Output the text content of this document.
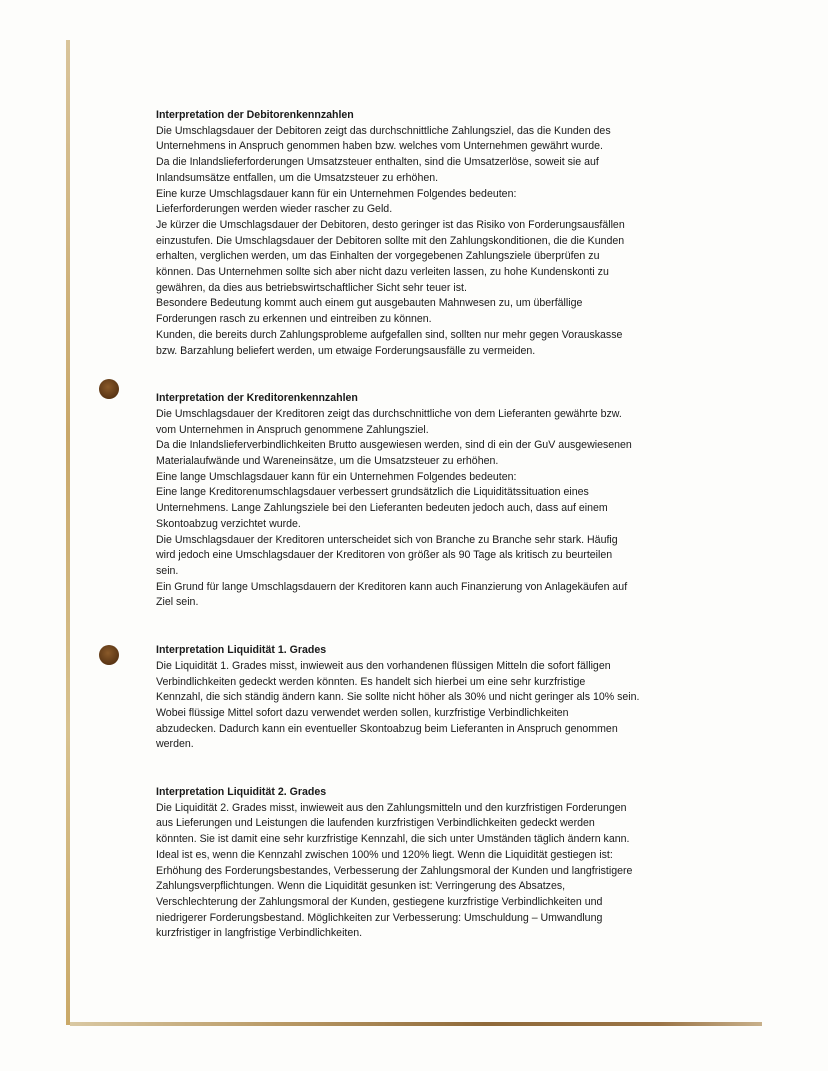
Interpretation der Debitorenkennzahlen

Die Umschlagsdauer der Debitoren zeigt das durchschnittliche Zahlungsziel, das die Kunden des

Unternehmens in Anspruch genommen haben bzw. welches vom Unternehmen gewährt wurde.

Da die Inlandslieferforderungen Umsatzsteuer enthalten, sind die Umsatzerlöse, soweit sie auf

Inlandsumsätze entfallen, um die Umsatzsteuer zu erhöhen.

Eine kurze Umschlagsdauer kann für ein Unternehmen Folgendes bedeuten:

Lieferforderungen werden wieder rascher zu Geld.

Je kürzer die Umschlagsdauer der Debitoren, desto geringer ist das Risiko von Forderungsausfällen

einzustufen. Die Umschlagsdauer der Debitoren sollte mit den Zahlungskonditionen, die die Kunden

erhalten, verglichen werden, um das Einhalten der vorgegebenen Zahlungsziele überprüfen zu

können. Das Unternehmen sollte sich aber nicht dazu verleiten lassen, zu hohe Kundenskonti zu

gewähren, da dies aus betriebswirtschaftlicher Sicht sehr teuer ist.

Besondere Bedeutung kommt auch einem gut ausgebauten Mahnwesen zu, um überfällige

Forderungen rasch zu erkennen und eintreiben zu können.

Kunden, die bereits durch Zahlungsprobleme aufgefallen sind, sollten nur mehr gegen Vorauskasse

bzw. Barzahlung beliefert werden, um etwaige Forderungsausfälle zu vermeiden.

Interpretation der Kreditorenkennzahlen

Die Umschlagsdauer der Kreditoren zeigt das durchschnittliche von dem Lieferanten gewährte bzw.

vom Unternehmen in Anspruch genommene Zahlungsziel.

Da die Inlandslieferverbindlichkeiten Brutto ausgewiesen werden, sind di ein der GuV ausgewiesenen

Materialaufwände und Wareneinsätze, um die Umsatzsteuer zu erhöhen.

Eine lange Umschlagsdauer kann für ein Unternehmen Folgendes bedeuten:

Eine lange Kreditorenumschlagsdauer verbessert grundsätzlich die Liquiditätssituation eines

Unternehmens. Lange Zahlungsziele bei den Lieferanten bedeuten jedoch auch, dass auf einem

Skontoabzug verzichtet wurde.

Die Umschlagsdauer der Kreditoren unterscheidet sich von Branche zu Branche sehr stark. Häufig

wird jedoch eine Umschlagsdauer der Kreditoren von größer als 90 Tage als kritisch zu beurteilen

sein.

Ein Grund für lange Umschlagsdauern der Kreditoren kann auch Finanzierung von Anlagekäufen auf

Ziel sein.

Interpretation Liquidität 1. Grades

Die Liquidität 1. Grades misst, inwieweit aus den vorhandenen flüssigen Mitteln die sofort fälligen

Verbindlichkeiten gedeckt werden könnten. Es handelt sich hierbei um eine sehr kurzfristige

Kennzahl, die sich ständig ändern kann. Sie sollte nicht höher als 30% und nicht geringer als 10% sein.

Wobei flüssige Mittel sofort dazu verwendet werden sollen, kurzfristige Verbindlichkeiten

abzudecken. Dadurch kann ein eventueller Skontoabzug beim Lieferanten in Anspruch genommen

werden.

Interpretation Liquidität 2. Grades

Die Liquidität 2. Grades misst, inwieweit aus den Zahlungsmitteln und den kurzfristigen Forderungen

aus Lieferungen und Leistungen die laufenden kurzfristigen Verbindlichkeiten gedeckt werden

könnten. Sie ist damit eine sehr kurzfristige Kennzahl, die sich unter Umständen täglich ändern kann.

Ideal ist es, wenn die Kennzahl zwischen 100% und 120% liegt. Wenn die Liquidität gestiegen ist:

Erhöhung des Forderungsbestandes, Verbesserung der Zahlungsmoral der Kunden und langfristigere

Zahlungsverpflichtungen. Wenn die Liquidität gesunken ist: Verringerung des Absatzes,

Verschlechterung der Zahlungsmoral der Kunden, gestiegene kurzfristige Verbindlichkeiten und

niedrigerer Forderungsbestand. Möglichkeiten zur Verbesserung: Umschuldung – Umwandlung

kurzfristiger in langfristige Verbindlichkeiten.
